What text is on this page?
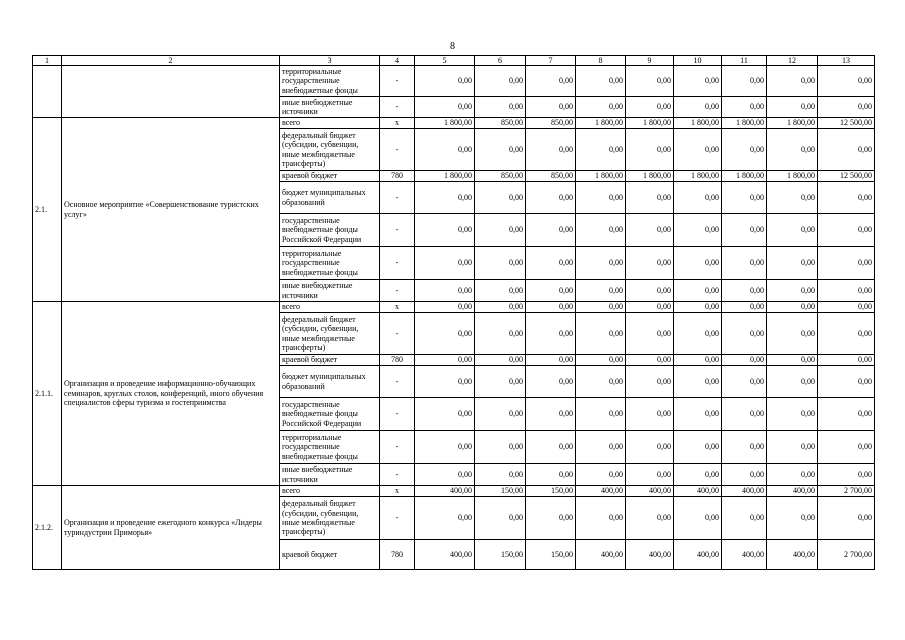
8
1	2	3	4	5	6	7	8	9	10	11	12	13
		территориальные государственные внебюджетные фонды	-	0,00	0,00	0,00	0,00	0,00	0,00	0,00	0,00	0,00
		иные внебюджетные источники	-	0,00	0,00	0,00	0,00	0,00	0,00	0,00	0,00	0,00
2.1.	Основное мероприятие «Совершенствование туристских услуг»	всего	x	1 800,00	850,00	850,00	1 800,00	1 800,00	1 800,00	1 800,00	1 800,00	12 500,00
		федеральный бюджет (субсидии, субвенции, иные межбюджетные трансферты)	-	0,00	0,00	0,00	0,00	0,00	0,00	0,00	0,00	0,00
		краевой бюджет	780	1 800,00	850,00	850,00	1 800,00	1 800,00	1 800,00	1 800,00	1 800,00	12 500,00
		бюджет муниципальных образований	-	0,00	0,00	0,00	0,00	0,00	0,00	0,00	0,00	0,00
		государственные внебюджетные фонды Российской Федерации	-	0,00	0,00	0,00	0,00	0,00	0,00	0,00	0,00	0,00
		территориальные государственные внебюджетные фонды	-	0,00	0,00	0,00	0,00	0,00	0,00	0,00	0,00	0,00
		иные внебюджетные источники	-	0,00	0,00	0,00	0,00	0,00	0,00	0,00	0,00	0,00
2.1.1.	Организация и проведение информационно-обучающих семинаров, круглых столов, конференций, иного обучения специалистов сферы туризма и гостеприимства	всего	x	0,00	0,00	0,00	0,00	0,00	0,00	0,00	0,00	0,00
		федеральный бюджет (субсидии, субвенции, иные межбюджетные трансферты)	-	0,00	0,00	0,00	0,00	0,00	0,00	0,00	0,00	0,00
		краевой бюджет	780	0,00	0,00	0,00	0,00	0,00	0,00	0,00	0,00	0,00
		бюджет муниципальных образований	-	0,00	0,00	0,00	0,00	0,00	0,00	0,00	0,00	0,00
		государственные внебюджетные фонды Российской Федерации	-	0,00	0,00	0,00	0,00	0,00	0,00	0,00	0,00	0,00
		территориальные государственные внебюджетные фонды	-	0,00	0,00	0,00	0,00	0,00	0,00	0,00	0,00	0,00
		иные внебюджетные источники	-	0,00	0,00	0,00	0,00	0,00	0,00	0,00	0,00	0,00
2.1.2.	Организация и проведение ежегодного конкурса «Лидеры туриндустрии Приморья»	всего	x	400,00	150,00	150,00	400,00	400,00	400,00	400,00	400,00	2 700,00
		федеральный бюджет (субсидии, субвенции, иные межбюджетные трансферты)	-	0,00	0,00	0,00	0,00	0,00	0,00	0,00	0,00	0,00
		краевой бюджет	780	400,00	150,00	150,00	400,00	400,00	400,00	400,00	400,00	2 700,00
